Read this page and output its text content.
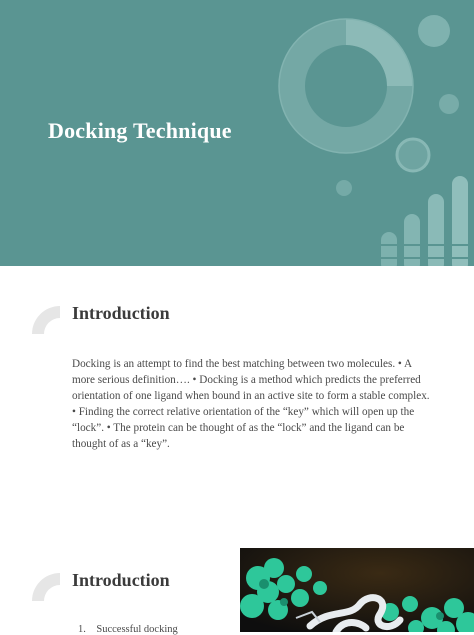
Docking Technique
Introduction
Docking is an attempt to find the best matching between two molecules. • A more serious definition…. • Docking is a method which predicts the preferred orientation of one ligand when bound in an active site to form a stable complex. • Finding the correct relative orientation of the “key” which will open up the “lock”. • The protein can be thought of as the “lock” and the ligand can be thought of as a “key”.
Introduction
1. Successful docking
